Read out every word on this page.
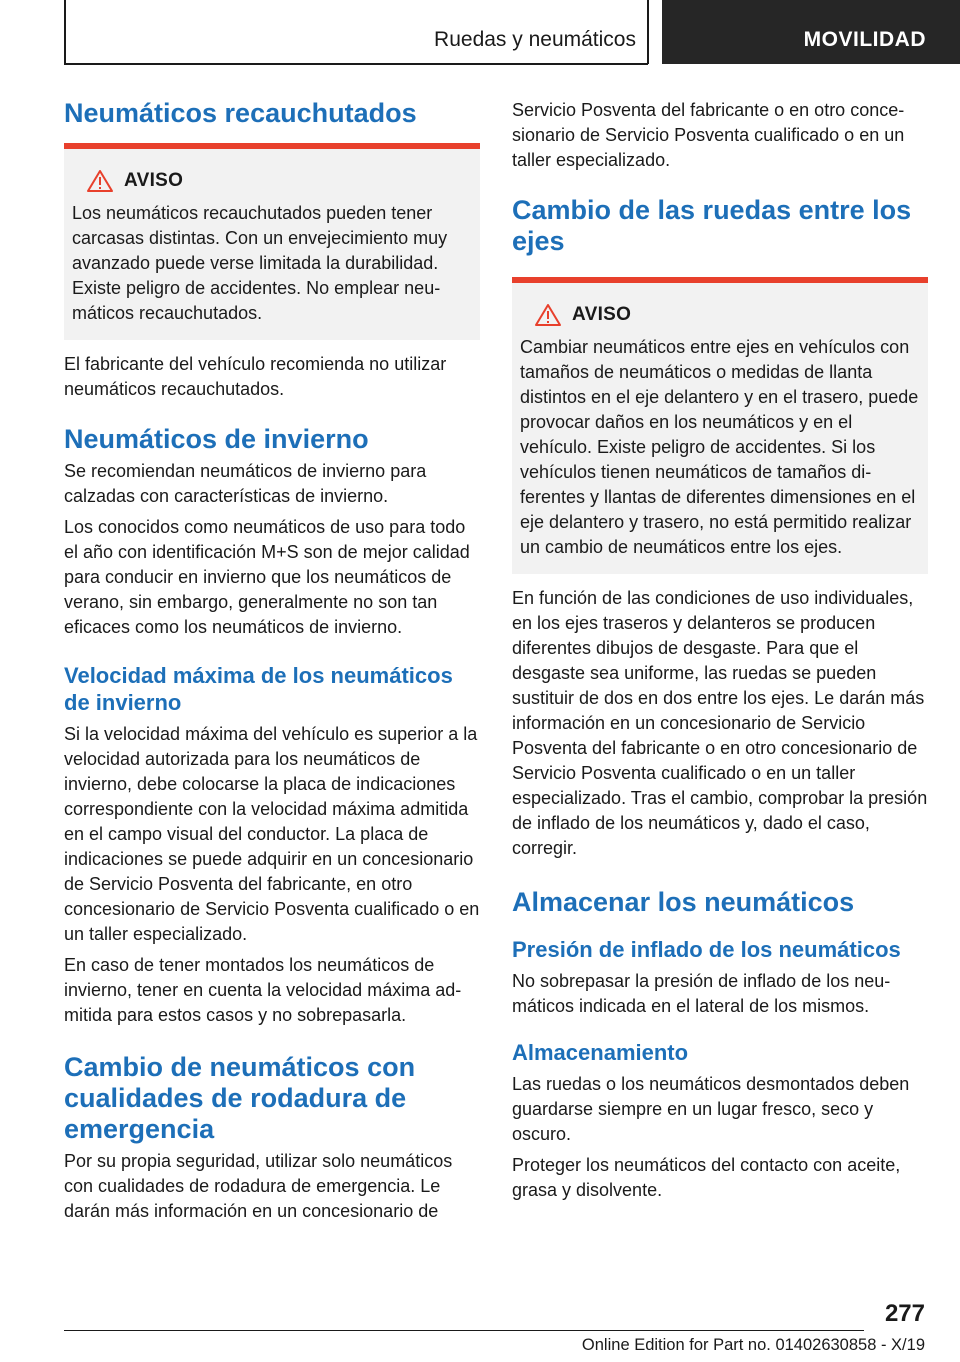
Ruedas y neumáticos	MOVILIDAD
Neumáticos recauchutados
AVISO

Los neumáticos recauchutados pueden tener carcasas distintas. Con un envejecimiento muy avanzado puede verse limitada la durabilidad. Existe peligro de accidentes. No emplear neumáticos recauchutados.

El fabricante del vehículo recomienda no utilizar neumáticos recauchutados.

Neumáticos de invierno

Se recomiendan neumáticos de invierno para calzadas con características de invierno.

Los conocidos como neumáticos de uso para todo el año con identificación M+S son de mejor calidad para conducir en invierno que los neumáticos de verano, sin embargo, generalmente no son tan eficaces como los neumáticos de invierno.

Velocidad máxima de los neumáticos de invierno

Si la velocidad máxima del vehículo es superior a la velocidad autorizada para los neumáticos de invierno, debe colocarse la placa de indicaciones correspondiente con la velocidad máxima admitida en el campo visual del conductor. La placa de indicaciones se puede adquirir en un concesionario de Servicio Posventa del fabricante, en otro concesionario de Servicio Posventa cualificado o en un taller especializado.

En caso de tener montados los neumáticos de invierno, tener en cuenta la velocidad máxima admitida para estos casos y no sobrepasarla.

Cambio de neumáticos con cualidades de rodadura de emergencia

Por su propia seguridad, utilizar solo neumáticos con cualidades de rodadura de emergencia. Le darán más información en un concesionario de

Servicio Posventa del fabricante o en otro concesionario de Servicio Posventa cualificado o en un taller especializado.

Cambio de las ruedas entre los ejes
AVISO

Cambiar neumáticos entre ejes en vehículos con tamaños de neumáticos o medidas de llanta distintos en el eje delantero y en el trasero, puede provocar daños en los neumáticos y en el vehículo. Existe peligro de accidentes. Si los vehículos tienen neumáticos de tamaños diferentes y llantas de diferentes dimensiones en el eje delantero y trasero, no está permitido realizar un cambio de neumáticos entre los ejes.

En función de las condiciones de uso individuales, en los ejes traseros y delanteros se producen diferentes dibujos de desgaste. Para que el desgaste sea uniforme, las ruedas se pueden sustituir de dos en dos entre los ejes. Le darán más información en un concesionario de Servicio Posventa del fabricante o en otro concesionario de Servicio Posventa cualificado o en un taller especializado. Tras el cambio, comprobar la presión de inflado de los neumáticos y, dado el caso, corregir.

Almacenar los neumáticos
Presión de inflado de los neumáticos

No sobrepasar la presión de inflado de los neumáticos indicada en el lateral de los mismos.

Almacenamiento

Las ruedas o los neumáticos desmontados deben guardarse siempre en un lugar fresco, seco y oscuro.

Proteger los neumáticos del contacto con aceite, grasa y disolvente.

277
Online Edition for Part no. 01402630858 - X/19
